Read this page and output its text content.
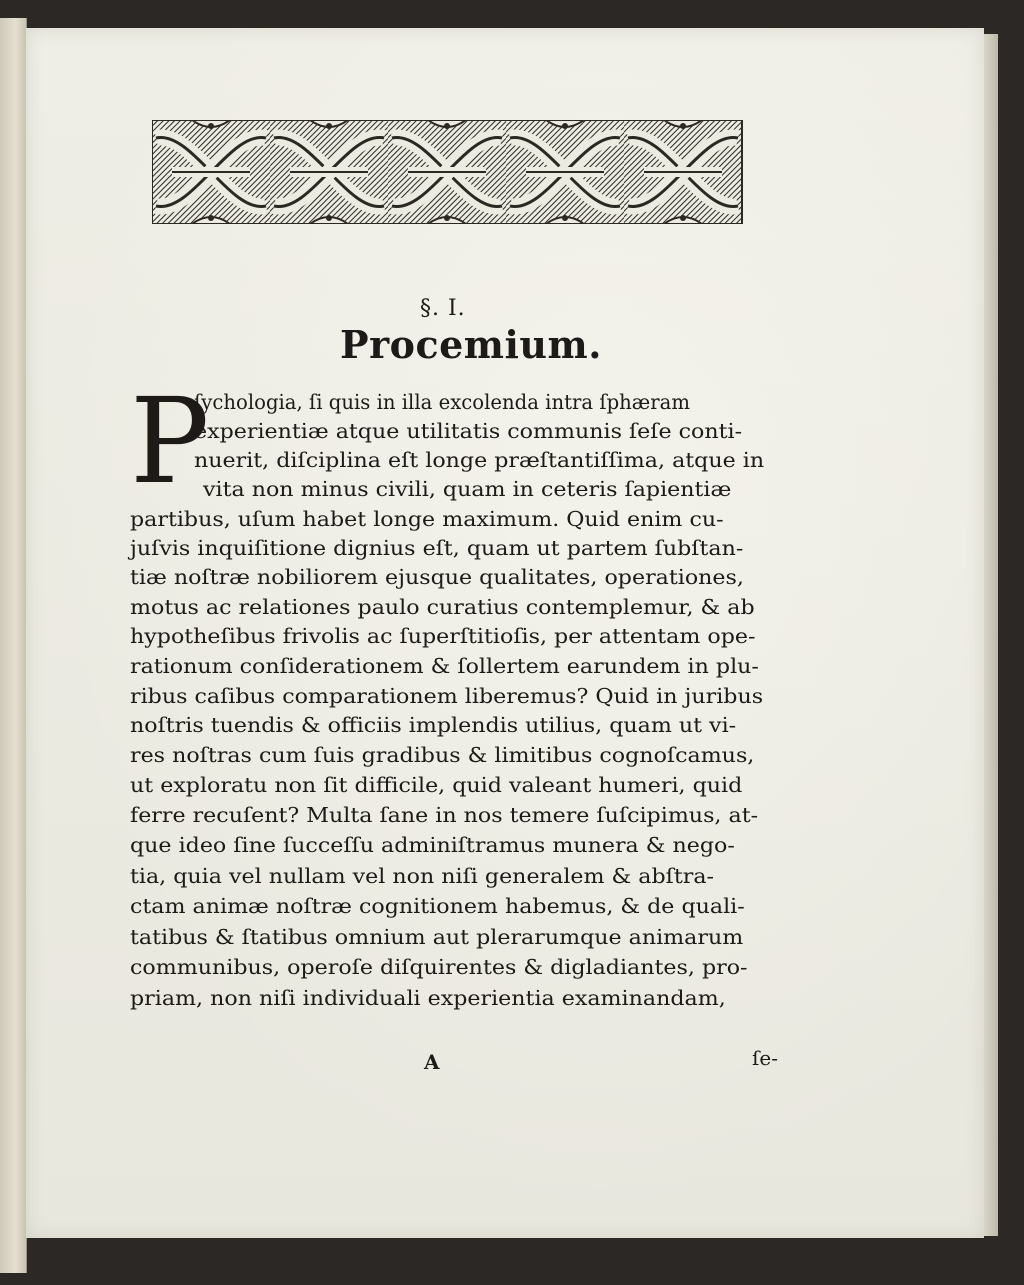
§. I.
Procemium.
P
ſychologia, ſi quis in illa excolenda intra ſphæram
experientiæ atque utilitatis communis ſeſe conti-
nuerit, diſciplina eſt longe præſtantiſſima, atque in
vita non minus civili, quam in ceteris ſapientiæ
partibus, uſum habet longe maximum. Quid enim cu-
juſvis inquiſitione dignius eſt, quam ut partem ſubſtan-
tiæ noſtræ nobiliorem ejusque qualitates, operationes,
motus ac relationes paulo curatius contemplemur, & ab
hypotheſibus frivolis ac ſuperſtitioſis, per attentam ope-
rationum conſiderationem & ſollertem earundem in plu-
ribus caſibus comparationem liberemus? Quid in juribus
noſtris tuendis & officiis implendis utilius, quam ut vi-
res noſtras cum ſuis gradibus & limitibus cognoſcamus,
ut exploratu non ſit difficile, quid valeant humeri, quid
ferre recuſent? Multa ſane in nos temere ſuſcipimus, at-
que ideo ſine ſucceſſu adminiſtramus munera & nego-
tia, quia vel nullam vel non niſi generalem & abſtra-
ctam animæ noſtræ cognitionem habemus, & de quali-
tatibus & ſtatibus omnium aut plerarumque animarum
communibus, operoſe diſquirentes & digladiantes, pro-
priam, non niſi individuali experientia examinandam,
A	ſe-
